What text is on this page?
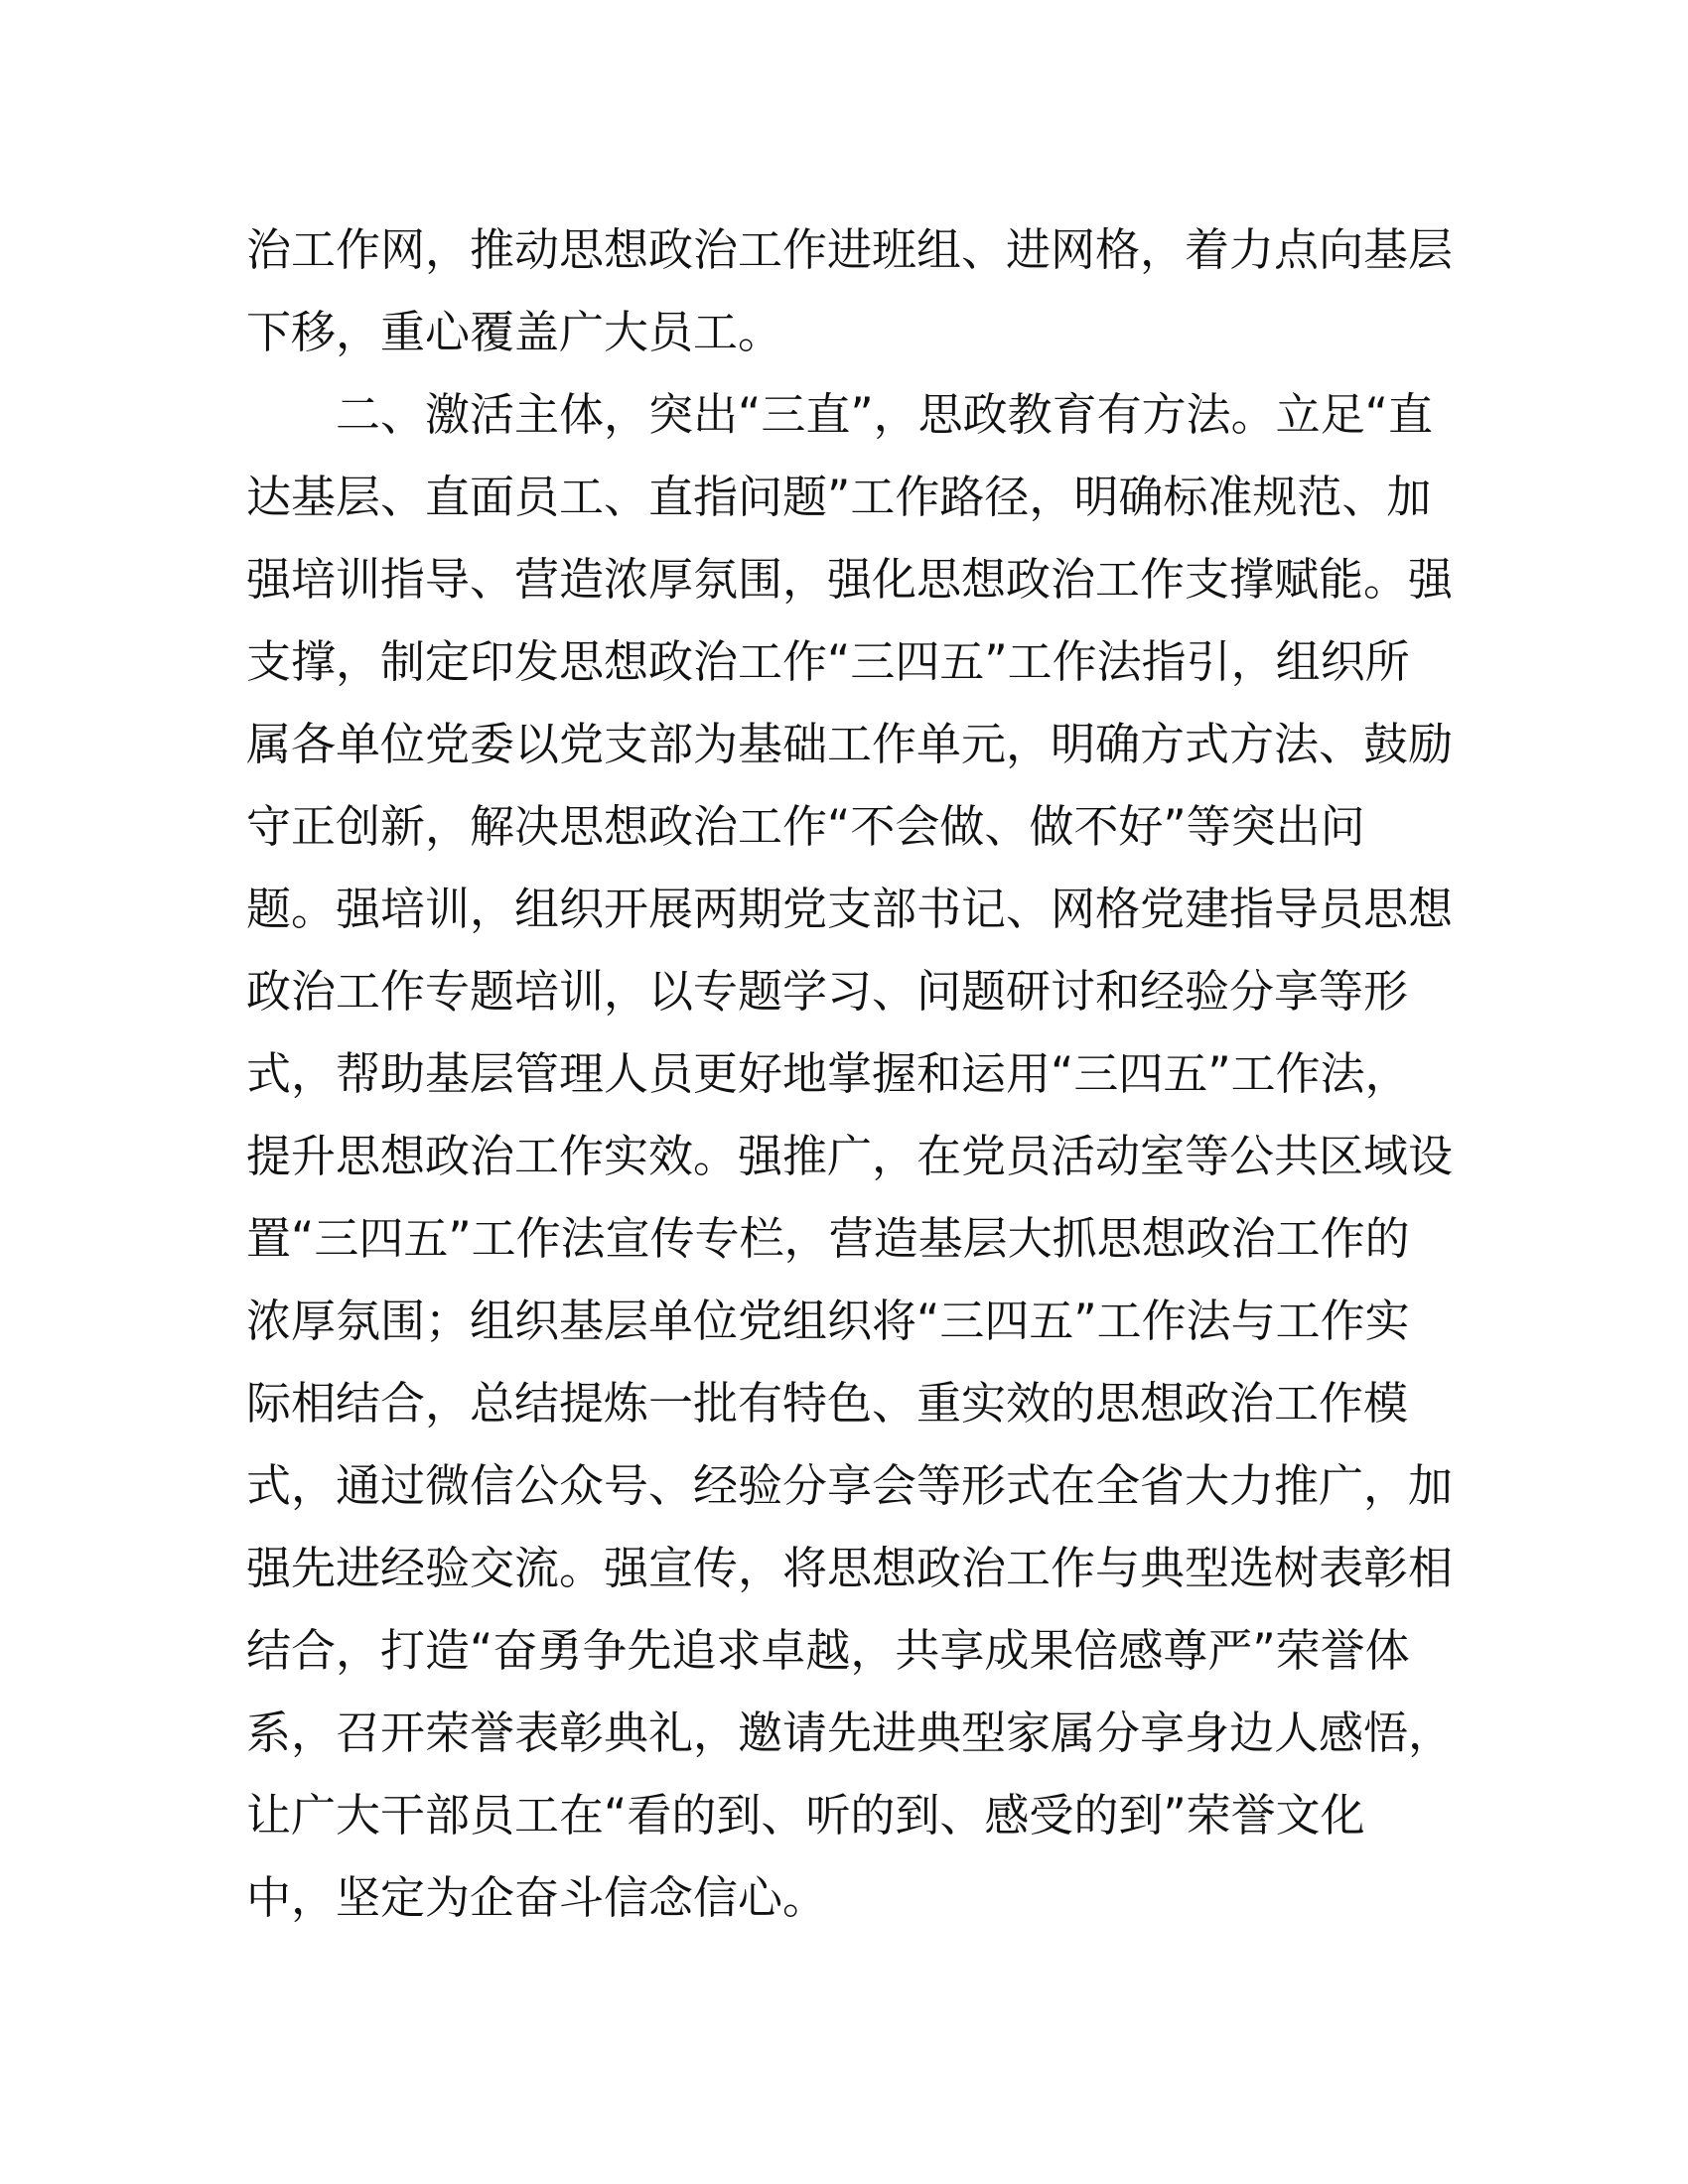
治工作网，推动思想政治工作进班组、进网格，着力点向基层
下移，重心覆盖广大员工。
二、激活主体，突出“三直”，思政教育有方法。立足“直
达基层、直面员工、直指问题”工作路径，明确标准规范、加
强培训指导、营造浓厚氛围，强化思想政治工作支撑赋能。强
支撑，制定印发思想政治工作“三四五”工作法指引，组织所
属各单位党委以党支部为基础工作单元，明确方式方法、鼓励
守正创新，解决思想政治工作“不会做、做不好”等突出问
题。强培训，组织开展两期党支部书记、网格党建指导员思想
政治工作专题培训，以专题学习、问题研讨和经验分享等形
式，帮助基层管理人员更好地掌握和运用“三四五”工作法，
提升思想政治工作实效。强推广，在党员活动室等公共区域设
置“三四五”工作法宣传专栏，营造基层大抓思想政治工作的
浓厚氛围；组织基层单位党组织将“三四五”工作法与工作实
际相结合，总结提炼一批有特色、重实效的思想政治工作模
式，通过微信公众号、经验分享会等形式在全省大力推广，加
强先进经验交流。强宣传，将思想政治工作与典型选树表彰相
结合，打造“奋勇争先追求卓越，共享成果倍感尊严”荣誉体
系，召开荣誉表彰典礼，邀请先进典型家属分享身边人感悟，
让广大干部员工在“看的到、听的到、感受的到”荣誉文化
中，坚定为企奋斗信念信心。
